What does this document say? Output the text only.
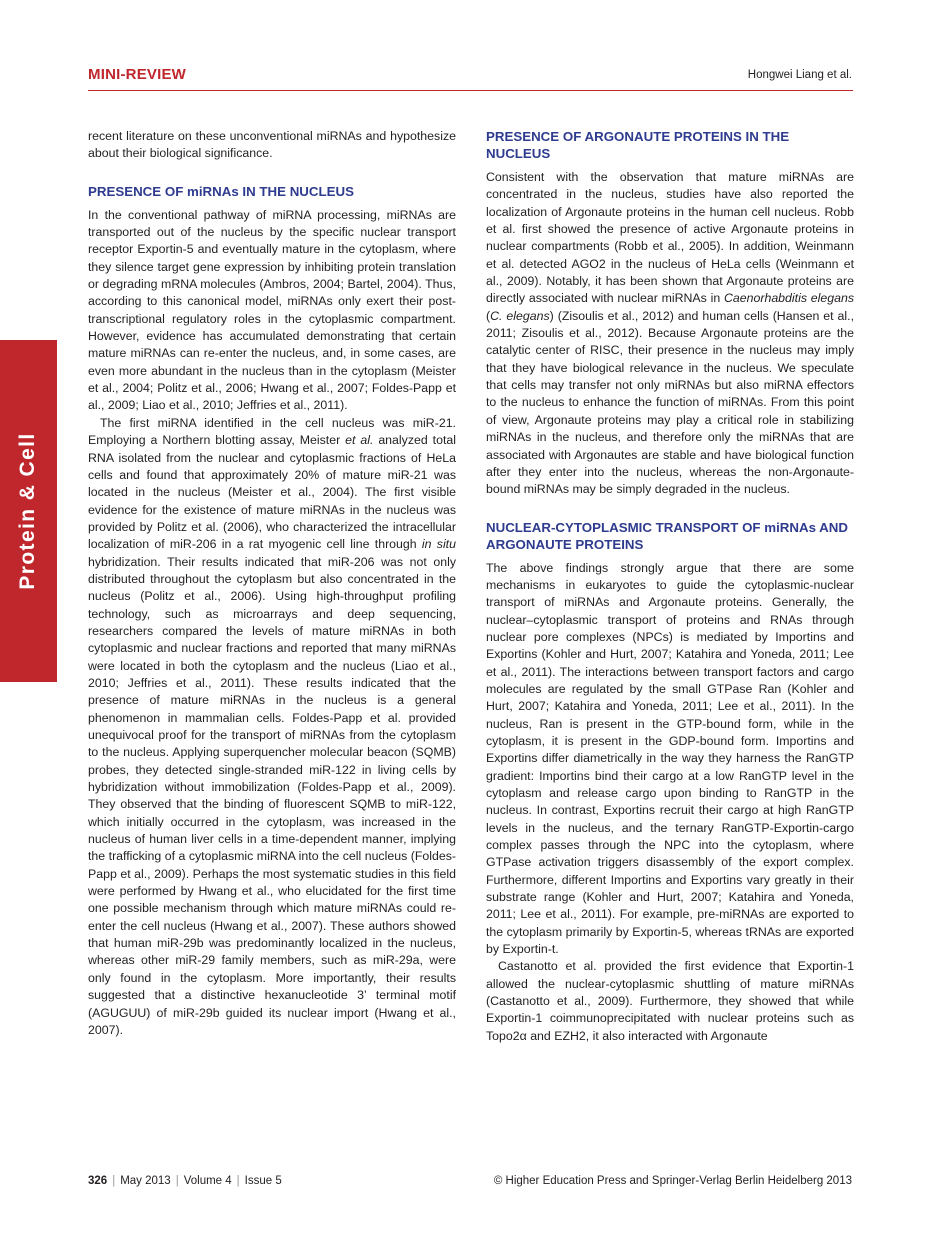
MINI-REVIEW	Hongwei Liang et al.
Protein & Cell

recent literature on these unconventional miRNAs and hypothesize about their biological significance.

PRESENCE OF miRNAs IN THE NUCLEUS

In the conventional pathway of miRNA processing, miRNAs are transported out of the nucleus by the specific nuclear transport receptor Exportin-5 and eventually mature in the cytoplasm, where they silence target gene expression by inhibiting protein translation or degrading mRNA molecules (Ambros, 2004; Bartel, 2004). Thus, according to this canonical model, miRNAs only exert their post-transcriptional regulatory roles in the cytoplasmic compartment. However, evidence has accumulated demonstrating that certain mature miRNAs can re-enter the nucleus, and, in some cases, are even more abundant in the nucleus than in the cytoplasm (Meister et al., 2004; Politz et al., 2006; Hwang et al., 2007; Foldes-Papp et al., 2009; Liao et al., 2010; Jeffries et al., 2011).

The first miRNA identified in the cell nucleus was miR-21. Employing a Northern blotting assay, Meister et al. analyzed total RNA isolated from the nuclear and cytoplasmic fractions of HeLa cells and found that approximately 20% of mature miR-21 was located in the nucleus (Meister et al., 2004). The first visible evidence for the existence of mature miRNAs in the nucleus was provided by Politz et al. (2006), who characterized the intracellular localization of miR-206 in a rat myogenic cell line through in situ hybridization. Their results indicated that miR-206 was not only distributed throughout the cytoplasm but also concentrated in the nucleus (Politz et al., 2006). Using high-throughput profiling technology, such as microarrays and deep sequencing, researchers compared the levels of mature miRNAs in both cytoplasmic and nuclear fractions and reported that many miRNAs were located in both the cytoplasm and the nucleus (Liao et al., 2010; Jeffries et al., 2011). These results indicated that the presence of mature miRNAs in the nucleus is a general phenomenon in mammalian cells. Foldes-Papp et al. provided unequivocal proof for the transport of miRNAs from the cytoplasm to the nucleus. Applying superquencher molecular beacon (SQMB) probes, they detected single-stranded miR-122 in living cells by hybridization without immobilization (Foldes-Papp et al., 2009). They observed that the binding of fluorescent SQMB to miR-122, which initially occurred in the cytoplasm, was increased in the nucleus of human liver cells in a time-dependent manner, implying the trafficking of a cytoplasmic miRNA into the cell nucleus (Foldes-Papp et al., 2009). Perhaps the most systematic studies in this field were performed by Hwang et al., who elucidated for the first time one possible mechanism through which mature miRNAs could re-enter the cell nucleus (Hwang et al., 2007). These authors showed that human miR-29b was predominantly localized in the nucleus, whereas other miR-29 family members, such as miR-29a, were only found in the cytoplasm. More importantly, their results suggested that a distinctive hexanucleotide 3’ terminal motif (AGUGUU) of miR-29b guided its nuclear import (Hwang et al., 2007).

PRESENCE OF ARGONAUTE PROTEINS IN THE NUCLEUS

Consistent with the observation that mature miRNAs are concentrated in the nucleus, studies have also reported the localization of Argonaute proteins in the human cell nucleus. Robb et al. first showed the presence of active Argonaute proteins in nuclear compartments (Robb et al., 2005). In addition, Weinmann et al. detected AGO2 in the nucleus of HeLa cells (Weinmann et al., 2009). Notably, it has been shown that Argonaute proteins are directly associated with nuclear miRNAs in Caenorhabditis elegans (C. elegans) (Zisoulis et al., 2012) and human cells (Hansen et al., 2011; Zisoulis et al., 2012). Because Argonaute proteins are the catalytic center of RISC, their presence in the nucleus may imply that they have biological relevance in the nucleus. We speculate that cells may transfer not only miRNAs but also miRNA effectors to the nucleus to enhance the function of miRNAs. From this point of view, Argonaute proteins may play a critical role in stabilizing miRNAs in the nucleus, and therefore only the miRNAs that are associated with Argonautes are stable and have biological function after they enter into the nucleus, whereas the non-Argonaute-bound miRNAs may be simply degraded in the nucleus.

NUCLEAR-CYTOPLASMIC TRANSPORT OF miRNAs AND ARGONAUTE PROTEINS

The above findings strongly argue that there are some mechanisms in eukaryotes to guide the cytoplasmic-nuclear transport of miRNAs and Argonaute proteins. Generally, the nuclear–cytoplasmic transport of proteins and RNAs through nuclear pore complexes (NPCs) is mediated by Importins and Exportins (Kohler and Hurt, 2007; Katahira and Yoneda, 2011; Lee et al., 2011). The interactions between transport factors and cargo molecules are regulated by the small GTPase Ran (Kohler and Hurt, 2007; Katahira and Yoneda, 2011; Lee et al., 2011). In the nucleus, Ran is present in the GTP-bound form, while in the cytoplasm, it is present in the GDP-bound form. Importins and Exportins differ diametrically in the way they harness the RanGTP gradient: Importins bind their cargo at a low RanGTP level in the cytoplasm and release cargo upon binding to RanGTP in the nucleus. In contrast, Exportins recruit their cargo at high RanGTP levels in the nucleus, and the ternary RanGTP-Exportin-cargo complex passes through the NPC into the cytoplasm, where GTPase activation triggers disassembly of the export complex. Furthermore, different Importins and Exportins vary greatly in their substrate range (Kohler and Hurt, 2007; Katahira and Yoneda, 2011; Lee et al., 2011). For example, pre-miRNAs are exported to the cytoplasm primarily by Exportin-5, whereas tRNAs are exported by Exportin-t.

Castanotto et al. provided the first evidence that Exportin-1 allowed the nuclear-cytoplasmic shuttling of mature miRNAs (Castanotto et al., 2009). Furthermore, they showed that while Exportin-1 coimmunoprecipitated with nuclear proteins such as Topo2α and EZH2, it also interacted with Argonaute

326 | May 2013 | Volume 4 | Issue 5	© Higher Education Press and Springer-Verlag Berlin Heidelberg 2013
